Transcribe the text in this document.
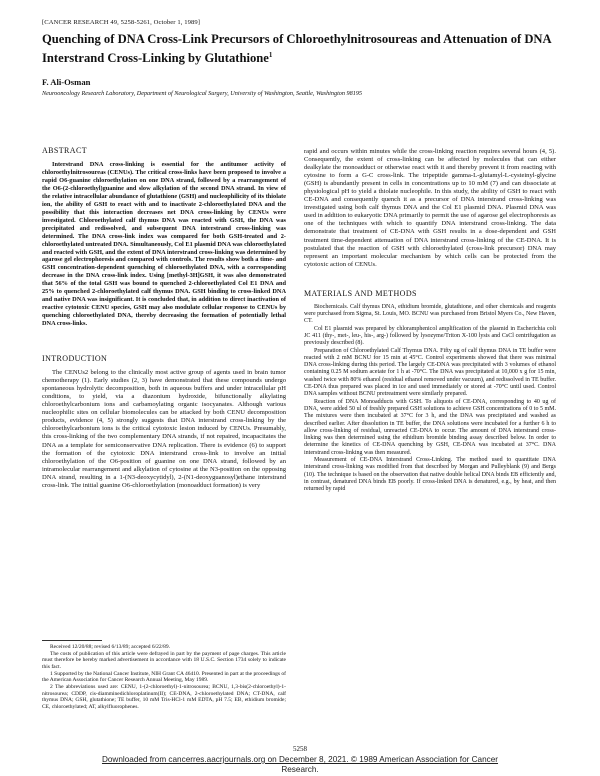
[CANCER RESEARCH 49, 5258-5261, October 1, 1989]
Quenching of DNA Cross-Link Precursors of Chloroethylnitrosoureas and Attenuation of DNA Interstrand Cross-Linking by Glutathione$^1$
F. Ali-Osman
Neurooncology Research Laboratory, Department of Neurological Surgery, University of Washington, Seattle, Washington 98195
ABSTRACT

Interstrand DNA cross-linking is essential for the antitumor activity of chloroethylnitrosoureas (CENUs). The critical cross-links have been proposed to involve a rapid O6-guanine chloroethylation on one DNA strand, followed by a rearrangement of the O6-(2-chloroethyl)guanine and slow alkylation of the second DNA strand. In view of the relative intracellular abundance of glutathione (GSH) and nucleophilicity of its thiolate ion, the ability of GSH to react with and to inactivate 2-chloroethylated DNA and the possibility that this interaction decreases net DNA cross-linking by CENUs were investigated. Chloroethylated calf thymus DNA was reacted with GSH, the DNA was precipitated and redissolved, and subsequent DNA interstrand cross-linking was determined. The DNA cross-link index was compared for both GSH-treated and 2-chloroethylated untreated DNA. Simultaneously, Col E1 plasmid DNA was chloroethylated and reacted with GSH, and the extent of DNA interstrand cross-linking was determined by agarose gel electrophoresis and compared with controls. The results show both a time- and GSH concentration-dependent quenching of chloroethylated DNA, with a corresponding decrease in the DNA cross-link index. Using [methyl-3H]GSH, it was also demonstrated that 56% of the total GSH was bound to quenched 2-chloroethylated Col E1 DNA and 25% to quenched 2-chloroethylated calf thymus DNA. GSH binding to cross-linked DNA and native DNA was insignificant. It is concluded that, in addition to direct inactivation of reactive cytotoxic CENU species, GSH may also modulate cellular response to CENUs by quenching chloroethylated DNA, thereby decreasing the formation of potentially lethal DNA cross-links.

INTRODUCTION

The CENUs2 belong to the clinically most active group of agents used in brain tumor chemotherapy (1). Early studies (2, 3) have demonstrated that these compounds undergo spontaneous hydrolytic decomposition, both in aqueous buffers and under intracellular pH conditions, to yield, via a diazonium hydroxide, bifunctionally alkylating chloroethylcarbonium ions and carbamoylating organic isocyanates. Although various nucleophilic sites on cellular biomolecules can be attacked by both CENU decomposition products, evidence (4, 5) strongly suggests that DNA interstrand cross-linking by the chloroethylcarbonium ions is the critical cytotoxic lesion induced by CENUs. Presumably, this cross-linking of the two complementary DNA strands, if not repaired, incapacitates the DNA as a template for semiconservative DNA replication. There is evidence (6) to support the formation of the cytotoxic DNA interstrand cross-link to involve an initial chloroethylation of the O6-position of guanine on one DNA strand, followed by an intramolecular rearrangement and alkylation of cytosine at the N3-position on the opposing DNA strand, resulting in a 1-(N3-deoxycytidyl), 2-(N1-deoxyguanosyl)ethane interstrand cross-link. The initial guanine O6-chloroethylation (monoadduct formation) is very

Received 12/20/88; revised 6/13/89; accepted 6/22/89.

The costs of publication of this article were defrayed in part by the payment of page charges. This article must therefore be hereby marked advertisement in accordance with 18 U.S.C. Section 1734 solely to indicate this fact.

1 Supported by the National Cancer Institute, NIH Grant CA 46410. Presented in part at the proceedings of the American Association for Cancer Research Annual Meeting, May 1989.

2 The abbreviations used are: CENU, 1-(2-chloroethyl)-1-nitrosourea; BCNU, 1,3-bis(2-chloroethyl)-1-nitrosourea; CDDP, cis-diamminedichloroplatinum(II); CE-DNA, 2-chloroethylated DNA; CT-DNA, calf thymus DNA; GSH, glutathione; TE buffer, 10 mM Tris-HCl-1 mM EDTA, pH 7.5; EB, ethidium bromide; CE, chloroethylated; AT, alkylfluorophenes.

rapid and occurs within minutes while the cross-linking reaction requires several hours (4, 5). Consequently, the extent of cross-linking can be affected by molecules that can either dealkylate the monoadduct or otherwise react with it and thereby prevent it from reacting with cytosine to form a G-C cross-link. The tripeptide gamma-L-glutamyl-L-cysteinyl-glycine (GSH) is abundantly present in cells in concentrations up to 10 mM (7) and can dissociate at physiological pH to yield a thiolate nucleophile. In this study, the ability of GSH to react with CE-DNA and consequently quench it as a precursor of DNA interstrand cross-linking was investigated using both calf thymus DNA and the Col E1 plasmid DNA. Plasmid DNA was used in addition to eukaryotic DNA primarily to permit the use of agarose gel electrophoresis as one of the techniques with which to quantify DNA interstrand cross-linking. The data demonstrate that treatment of CE-DNA with GSH results in a dose-dependent and GSH treatment time-dependent attenuation of DNA interstrand cross-linking of the CE-DNA. It is postulated that the reaction of GSH with chloroethylated (cross-link precursor) DNA may represent an important molecular mechanism by which cells can be protected from the cytotoxic action of CENUs.

MATERIALS AND METHODS

Biochemicals. Calf thymus DNA, ethidium bromide, glutathione, and other chemicals and reagents were purchased from Sigma, St. Louis, MO. BCNU was purchased from Bristol Myers Co., New Haven, CT.

Col E1 plasmid was prepared by chloramphenicol amplification of the plasmid in Escherichia coli JC 411 (thy-, met-, leu-, his-, arg-) followed by lysozyme/Triton X-100 lysis and CsCl centrifugation as previously described (8).

Preparation of Chloroethylated Calf Thymus DNA. Fifty ug of calf thymus DNA in TE buffer were reacted with 2 mM BCNU for 15 min at 45°C. Control experiments showed that there was minimal DNA cross-linking during this period. The largely CE-DNA was precipitated with 3 volumes of ethanol containing 0.25 M sodium acetate for 1 h at -70°C. The DNA was precipitated at 10,000 x g for 15 min, washed twice with 80% ethanol (residual ethanol removed under vacuum), and redissolved in TE buffer. CE-DNA thus prepared was placed in ice and used immediately or stored at -70°C until used. Control DNA samples without BCNU pretreatment were similarly prepared.

Reaction of DNA Monoadducts with GSH. To aliquots of CE-DNA, corresponding to 40 ug of DNA, were added 50 ul of freshly prepared GSH solutions to achieve GSH concentrations of 0 to 5 mM. The mixtures were then incubated at 37°C for 3 h, and the DNA was precipitated and washed as described earlier. After dissolution in TE buffer, the DNA solutions were incubated for a further 6 h to allow cross-linking of residual, unreacted CE-DNA to occur. The amount of DNA interstrand cross-linking was then determined using the ethidium bromide binding assay described below. In order to determine the kinetics of CE-DNA quenching by GSH, CE-DNA was incubated at 37°C. DNA interstrand cross-linking was then measured.

Measurement of CE-DNA Interstrand Cross-Linking. The method used to quantitate DNA interstrand cross-linking was modified from that described by Morgan and Pulleyblank (9) and Bergs (10). The technique is based on the observation that native double helical DNA binds EB efficiently and, in contrast, denatured DNA binds EB poorly. If cross-linked DNA is denatured, e.g., by heat, and then returned by rapid

5258
Downloaded from cancerres.aacrjournals.org on December 8, 2021. © 1989 American Association for Cancer
Research.
